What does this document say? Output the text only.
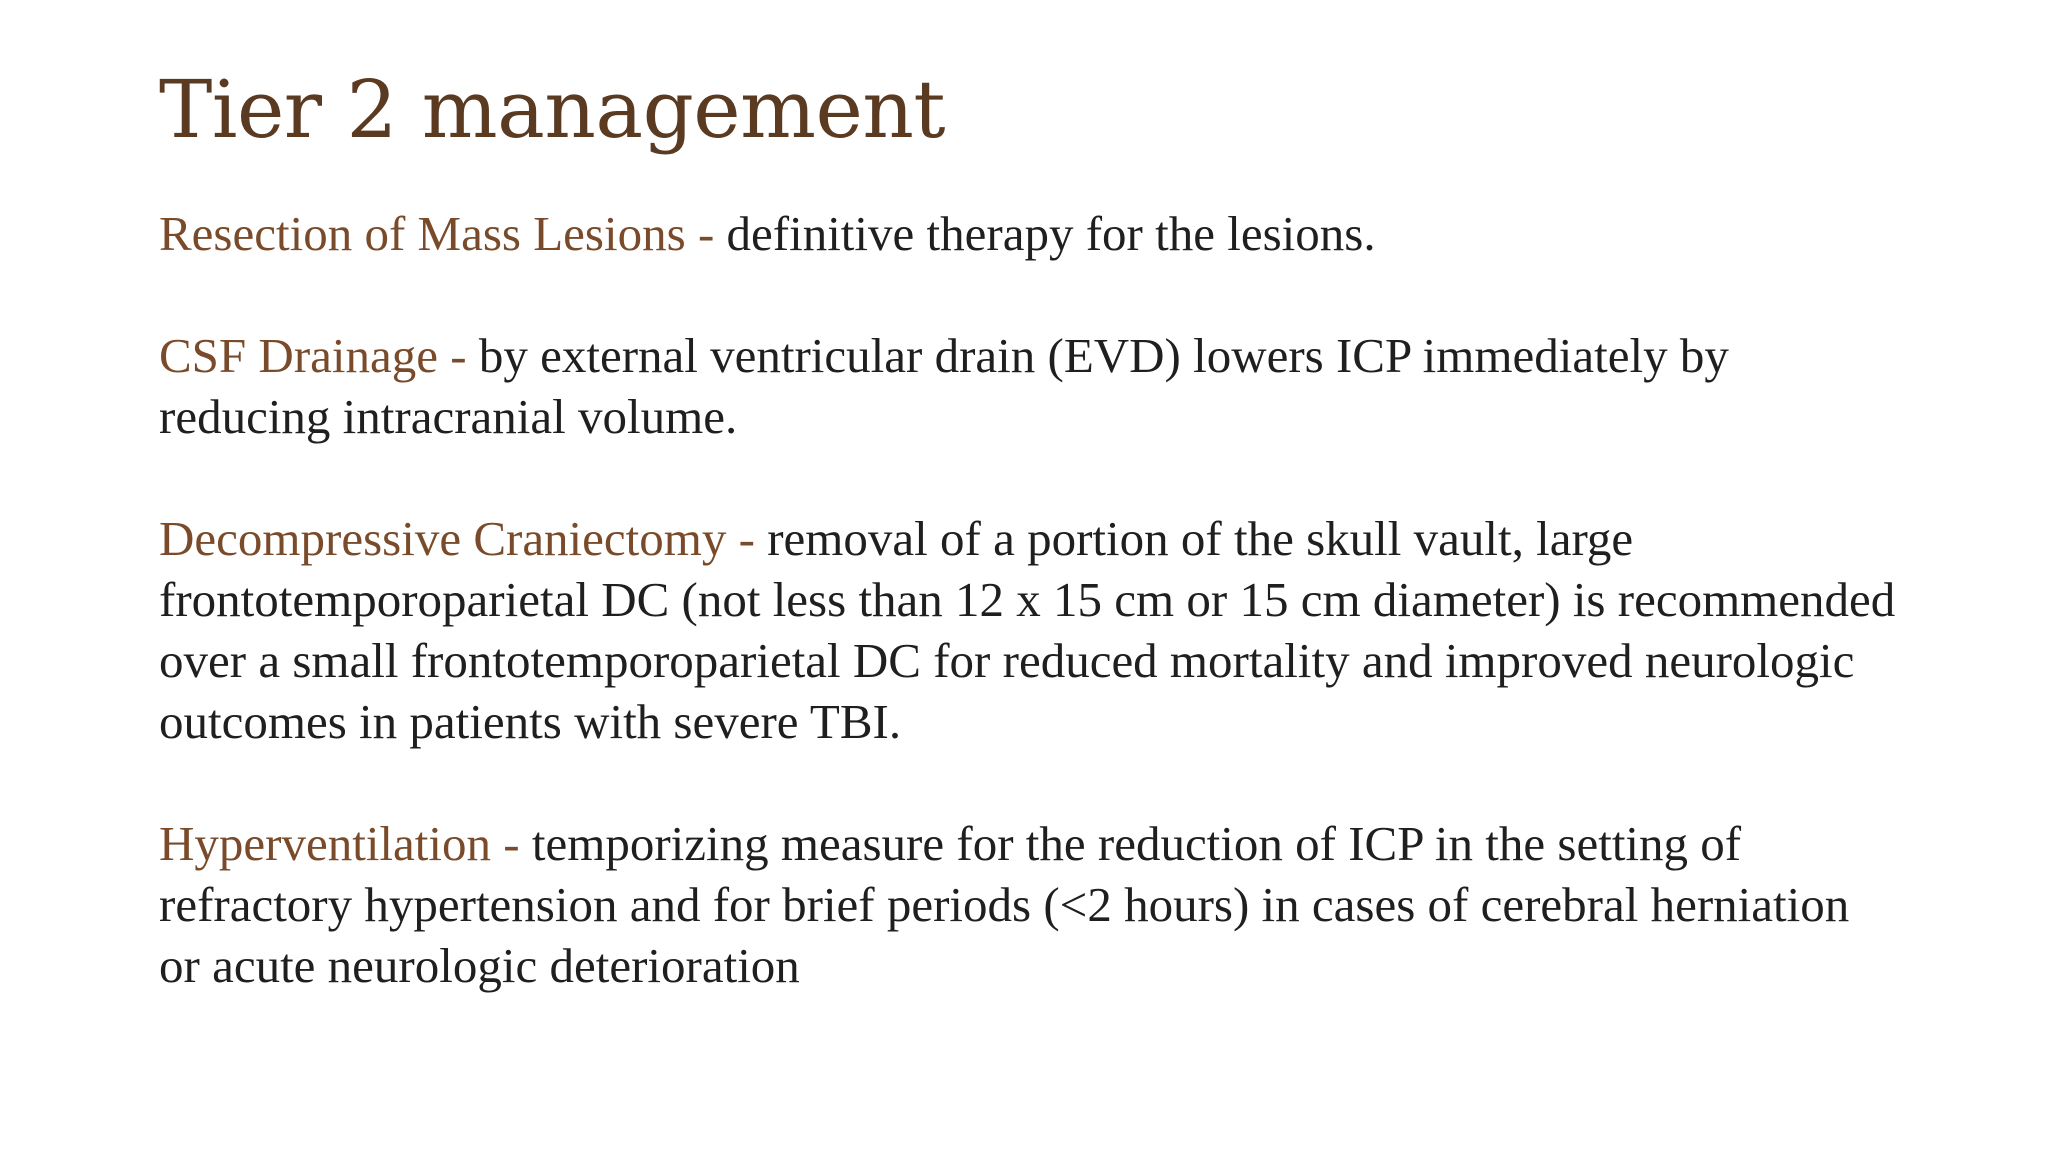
Tier 2 management

Resection of Mass Lesions - definitive therapy for the lesions.

CSF Drainage - by external ventricular drain (EVD) lowers ICP immediately by reducing intracranial volume.

Decompressive Craniectomy - removal of a portion of the skull vault, large frontotemporoparietal DC (not less than 12 x 15 cm or 15 cm diameter) is recommended over a small frontotemporoparietal DC for reduced mortality and improved neurologic outcomes in patients with severe TBI.

Hyperventilation - temporizing measure for the reduction of ICP in the setting of refractory hypertension and for brief periods (<2 hours) in cases of cerebral herniation or acute neurologic deterioration
